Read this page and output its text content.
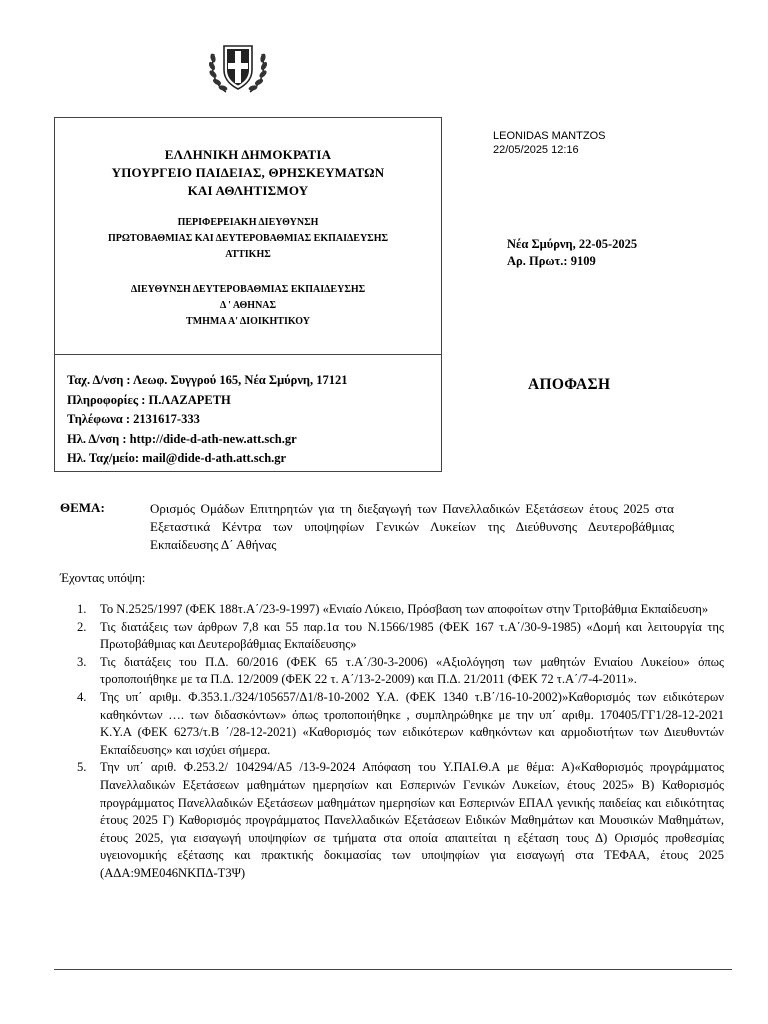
ΕΛΛΗΝΙΚΗ ΔΗΜΟΚΡΑΤΙΑ
ΥΠΟΥΡΓΕΙΟ ΠΑΙΔΕΙΑΣ, ΘΡΗΣΚΕΥΜΑΤΩΝ
ΚΑΙ ΑΘΛΗΤΙΣΜΟΥ
ΠΕΡΙΦΕΡΕΙΑΚΗ ΔΙΕΥΘΥΝΣΗ
ΠΡΩΤΟΒΑΘΜΙΑΣ ΚΑΙ ΔΕΥΤΕΡΟΒΑΘΜΙΑΣ ΕΚΠΑΙΔΕΥΣΗΣ
ΑΤΤΙΚΗΣ
ΔΙΕΥΘΥΝΣΗ ΔΕΥΤΕΡΟΒΑΘΜΙΑΣ ΕΚΠΑΙΔΕΥΣΗΣ
Δ ' ΑΘΗΝΑΣ
ΤΜΗΜΑ Α' ΔΙΟΙΚΗΤΙΚΟΥ
Ταχ. Δ/νση : Λεωφ. Συγγρού 165, Νέα Σμύρνη, 17121
Πληροφορίες : Π.ΛΑΖΑΡΕΤΗ
Τηλέφωνα : 2131617-333
Ηλ. Δ/νση : http://dide-d-ath-new.att.sch.gr
Ηλ. Ταχ/μείο: mail@dide-d-ath.att.sch.gr
LEONIDAS MANTZOS
22/05/2025 12:16
Νέα Σμύρνη, 22-05-2025
Αρ. Πρωτ.: 9109
ΑΠΟΦΑΣΗ
ΘΕΜΑ:	Ορισμός Ομάδων Επιτηρητών για τη διεξαγωγή των Πανελλαδικών Εξετάσεων έτους 2025 στα Εξεταστικά Κέντρα των υποψηφίων Γενικών Λυκείων της Διεύθυνσης Δευτεροβάθμιας Εκπαίδευσης Δ΄ Αθήνας
Έχοντας υπόψη:
1. Το Ν.2525/1997 (ΦΕΚ 188τ.Α΄/23-9-1997) «Ενιαίο Λύκειο, Πρόσβαση των αποφοίτων στην Τριτοβάθμια Εκπαίδευση»
2. Τις διατάξεις των άρθρων 7,8 και 55 παρ.1α του Ν.1566/1985 (ΦΕΚ 167 τ.Α΄/30-9-1985) «Δομή και λειτουργία της Πρωτοβάθμιας και Δευτεροβάθμιας Εκπαίδευσης»
3. Τις διατάξεις του Π.Δ. 60/2016 (ΦΕΚ 65 τ.Α΄/30-3-2006) «Αξιολόγηση των μαθητών Ενιαίου Λυκείου» όπως τροποποιήθηκε με τα Π.Δ. 12/2009 (ΦΕΚ 22 τ. Α΄/13-2-2009) και Π.Δ. 21/2011 (ΦΕΚ 72 τ.Α΄/7-4-2011».
4. Της υπ΄ αριθμ. Φ.353.1./324/105657/Δ1/8-10-2002 Υ.Α. (ΦΕΚ 1340 τ.Β΄/16-10-2002)»Καθορισμός των ειδικότερων καθηκόντων …. των διδασκόντων» όπως τροποποιήθηκε , συμπληρώθηκε με την υπ΄ αριθμ. 170405/ΓΓ1/28-12-2021 Κ.Υ.Α (ΦΕΚ 6273/τ.Β ΄/28-12-2021) «Καθορισμός των ειδικότερων καθηκόντων και αρμοδιοτήτων των Διευθυντών Εκπαίδευσης» και ισχύει σήμερα.
5. Την υπ΄ αριθ. Φ.253.2/ 104294/Α5 /13-9-2024 Απόφαση του Υ.ΠΑΙ.Θ.Α με θέμα: Α)«Καθορισμός προγράμματος Πανελλαδικών Εξετάσεων μαθημάτων ημερησίων και Εσπερινών Γενικών Λυκείων, έτους 2025» Β) Καθορισμός προγράμματος Πανελλαδικών Εξετάσεων μαθημάτων ημερησίων και Εσπερινών ΕΠΑΛ γενικής παιδείας και ειδικότητας έτους 2025 Γ) Καθορισμός προγράμματος Πανελλαδικών Εξετάσεων Ειδικών Μαθημάτων και Μουσικών Μαθημάτων, έτους 2025, για εισαγωγή υποψηφίων σε τμήματα στα οποία απαιτείται η εξέταση τους Δ) Ορισμός προθεσμίας υγειονομικής εξέτασης και πρακτικής δοκιμασίας των υποψηφίων για εισαγωγή στα ΤΕΦΑΑ, έτους 2025 (ΑΔΑ:9ΜΕ046ΝΚΠΔ-Τ3Ψ)
